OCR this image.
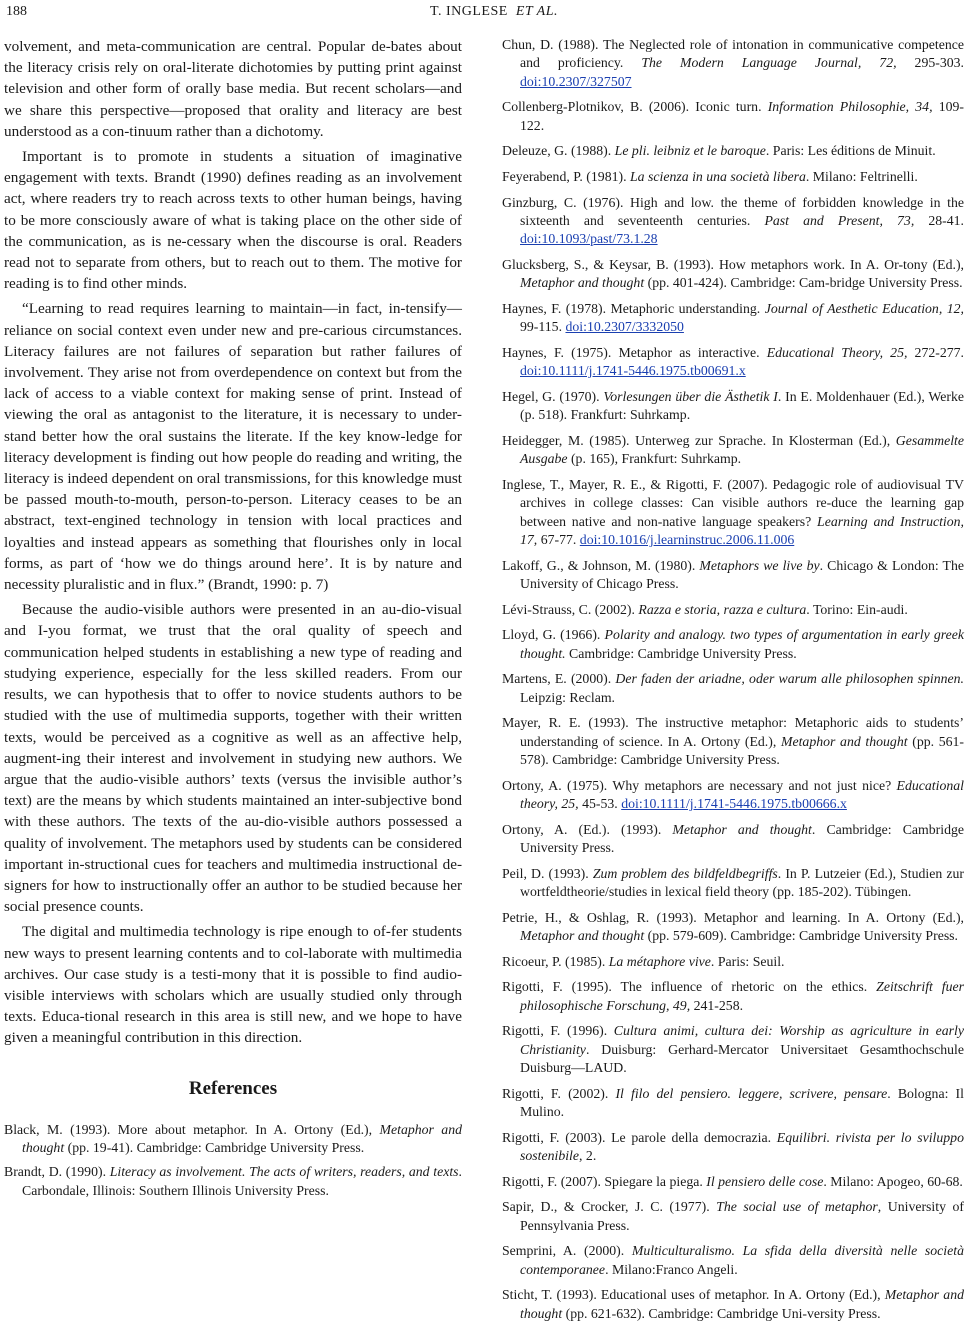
188	T. INGLESE ET AL.

volvement, and meta-communication are central. Popular de-bates about the literacy crisis rely on oral-literate dichotomies by putting print against television and other form of orally base media. But recent scholars—and we share this perspective—proposed that orality and literacy are best understood as a con-tinuum rather than a dichotomy.

Important is to promote in students a situation of imaginative engagement with texts. Brandt (1990) defines reading as an involvement act, where readers try to reach across texts to other human beings, having to be more consciously aware of what is taking place on the other side of the communication, as is ne-cessary when the discourse is oral. Readers read not to separate from others, but to reach out to them. The motive for reading is to find other minds.

“Learning to read requires learning to maintain—in fact, in-tensify—reliance on social context even under new and pre-carious circumstances. Literacy failures are not failures of separation but rather failures of involvement. They arise not from overdependence on context but from the lack of access to a viable context for making sense of print. Instead of viewing the oral as antagonist to the literature, it is necessary to under-stand better how the oral sustains the literate. If the key know-ledge for literacy development is finding out how people do reading and writing, the literacy is indeed dependent on oral transmissions, for this knowledge must be passed mouth-to-mouth, person-to-person. Literacy ceases to be an abstract, text-engined technology in tension with local practices and loyalties and instead appears as something that flourishes only in local forms, as part of ‘how we do things around here’. It is by nature and necessity pluralistic and in flux.” (Brandt, 1990: p. 7)

Because the audio-visible authors were presented in an au-dio-visual and I-you format, we trust that the oral quality of speech and communication helped students in establishing a new type of reading and studying experience, especially for the less skilled readers. From our results, we can hypothesis that to offer to novice students authors to be studied with the use of multimedia supports, together with their written texts, would be perceived as a cognitive as well as an affective help, augment-ing their interest and involvement in studying new authors. We argue that the audio-visible authors’ texts (versus the invisible author’s text) are the means by which students maintained an inter-subjective bond with these authors. The texts of the au-dio-visible authors possessed a quality of involvement. The metaphors used by students can be considered important in-structional cues for teachers and multimedia instructional de-signers for how to instructionally offer an author to be studied because her social presence counts.

The digital and multimedia technology is ripe enough to of-fer students new ways to present learning contents and to col-laborate with multimedia archives. Our case study is a testi-mony that it is possible to find audio-visible interviews with scholars which are usually studied only through texts. Educa-tional research in this area is still new, and we hope to have given a meaningful contribution in this direction.

References

Black, M. (1993). More about metaphor. In A. Ortony (Ed.), Metaphor and thought (pp. 19-41). Cambridge: Cambridge University Press.

Brandt, D. (1990). Literacy as involvement. The acts of writers, readers, and texts. Carbondale, Illinois: Southern Illinois University Press.

Chun, D. (1988). The Neglected role of intonation in communicative competence and proficiency. The Modern Language Journal, 72, 295-303. doi:10.2307/327507

Collenberg-Plotnikov, B. (2006). Iconic turn. Information Philosophie, 34, 109-122.

Deleuze, G. (1988). Le pli. leibniz et le baroque. Paris: Les éditions de Minuit.

Feyerabend, P. (1981). La scienza in una società libera. Milano: Feltrinelli.

Ginzburg, C. (1976). High and low. the theme of forbidden knowledge in the sixteenth and seventeenth centuries. Past and Present, 73, 28-41. doi:10.1093/past/73.1.28

Glucksberg, S., & Keysar, B. (1993). How metaphors work. In A. Or-tony (Ed.), Metaphor and thought (pp. 401-424). Cambridge: Cam-bridge University Press.

Haynes, F. (1978). Metaphoric understanding. Journal of Aesthetic Education, 12, 99-115. doi:10.2307/3332050

Haynes, F. (1975). Metaphor as interactive. Educational Theory, 25, 272-277. doi:10.1111/j.1741-5446.1975.tb00691.x

Hegel, G. (1970). Vorlesungen über die Ästhetik I. In E. Moldenhauer (Ed.), Werke (p. 518). Frankfurt: Suhrkamp.

Heidegger, M. (1985). Unterweg zur Sprache. In Klosterman (Ed.), Gesammelte Ausgabe (p. 165), Frankfurt: Suhrkamp.

Inglese, T., Mayer, R. E., & Rigotti, F. (2007). Pedagogic role of audiovisual TV archives in college classes: Can visible authors re-duce the learning gap between native and non-native language speakers? Learning and Instruction, 17, 67-77. doi:10.1016/j.learninstruc.2006.11.006

Lakoff, G., & Johnson, M. (1980). Metaphors we live by. Chicago & London: The University of Chicago Press.

Lévi-Strauss, C. (2002). Razza e storia, razza e cultura. Torino: Ein-audi.

Lloyd, G. (1966). Polarity and analogy. two types of argumentation in early greek thought. Cambridge: Cambridge University Press.

Martens, E. (2000). Der faden der ariadne, oder warum alle philosophen spinnen. Leipzig: Reclam.

Mayer, R. E. (1993). The instructive metaphor: Metaphoric aids to students’ understanding of science. In A. Ortony (Ed.), Metaphor and thought (pp. 561-578). Cambridge: Cambridge University Press.

Ortony, A. (1975). Why metaphors are necessary and not just nice? Educational theory, 25, 45-53. doi:10.1111/j.1741-5446.1975.tb00666.x

Ortony, A. (Ed.). (1993). Metaphor and thought. Cambridge: Cambridge University Press.

Peil, D. (1993). Zum problem des bildfeldbegriffs. In P. Lutzeier (Ed.), Studien zur wortfeldtheorie/studies in lexical field theory (pp. 185-202). Tübingen.

Petrie, H., & Oshlag, R. (1993). Metaphor and learning. In A. Ortony (Ed.), Metaphor and thought (pp. 579-609). Cambridge: Cambridge University Press.

Ricoeur, P. (1985). La métaphore vive. Paris: Seuil.

Rigotti, F. (1995). The influence of rhetoric on the ethics. Zeitschrift fuer philosophische Forschung, 49, 241-258.

Rigotti, F. (1996). Cultura animi, cultura dei: Worship as agriculture in early Christianity. Duisburg: Gerhard-Mercator Universitaet Gesamthochschule Duisburg—LAUD.

Rigotti, F. (2002). Il filo del pensiero. leggere, scrivere, pensare. Bologna: Il Mulino.

Rigotti, F. (2003). Le parole della democrazia. Equilibri. rivista per lo sviluppo sostenibile, 2.

Rigotti, F. (2007). Spiegare la piega. Il pensiero delle cose. Milano: Apogeo, 60-68.

Sapir, D., & Crocker, J. C. (1977). The social use of metaphor, University of Pennsylvania Press.

Semprini, A. (2000). Multiculturalismo. La sfida della diversità nelle società contemporanee. Milano:Franco Angeli.

Sticht, T. (1993). Educational uses of metaphor. In A. Ortony (Ed.), Metaphor and thought (pp. 621-632). Cambridge: Cambridge Uni-versity Press.
